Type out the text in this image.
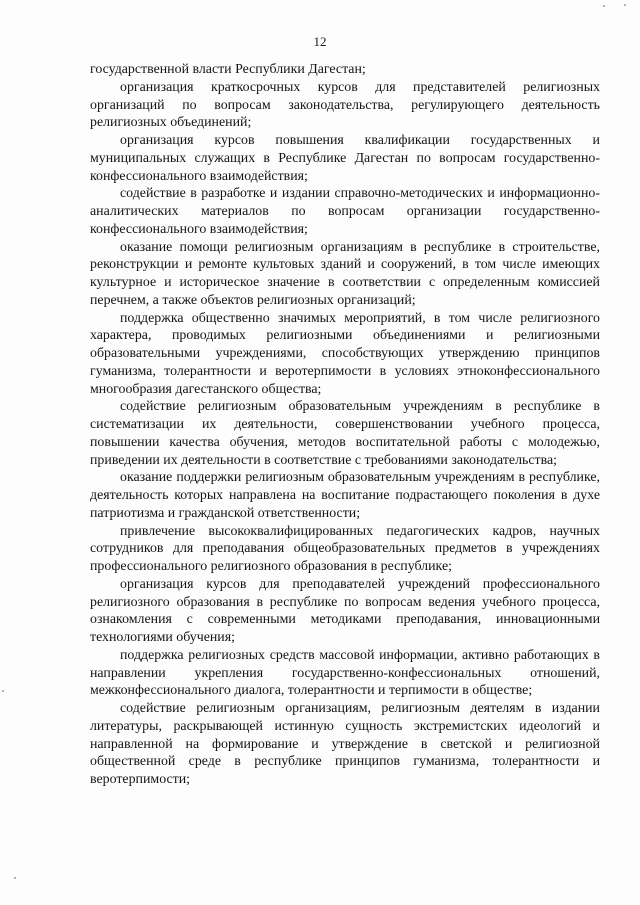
12

государственной власти Республики Дагестан;

организация краткосрочных курсов для представителей религиозных организаций по вопросам законодательства, регулирующего деятельность религиозных объединений;

организация курсов повышения квалификации государственных и муниципальных служащих в Республике Дагестан по вопросам государственно-конфессионального взаимодействия;

содействие в разработке и издании справочно-методических и информационно-аналитических материалов по вопросам организации государственно-конфессионального взаимодействия;

оказание помощи религиозным организациям в республике в строительстве, реконструкции и ремонте культовых зданий и сооружений, в том числе имеющих культурное и историческое значение в соответствии с определенным комиссией перечнем, а также объектов религиозных организаций;

поддержка общественно значимых мероприятий, в том числе религиозного характера, проводимых религиозными объединениями и религиозными образовательными учреждениями, способствующих утверждению принципов гуманизма, толерантности и веротерпимости в условиях этноконфессионального многообразия дагестанского общества;

содействие религиозным образовательным учреждениям в республике в систематизации их деятельности, совершенствовании учебного процесса, повышении качества обучения, методов воспитательной работы с молодежью, приведении их деятельности в соответствие с требованиями законодательства;

оказание поддержки религиозным образовательным учреждениям в республике, деятельность которых направлена на воспитание подрастающего поколения в духе патриотизма и гражданской ответственности;

привлечение высококвалифицированных педагогических кадров, научных сотрудников для преподавания общеобразовательных предметов в учреждениях профессионального религиозного образования в республике;

организация курсов для преподавателей учреждений профессионального религиозного образования в республике по вопросам ведения учебного процесса, ознакомления с современными методиками преподавания, инновационными технологиями обучения;

поддержка религиозных средств массовой информации, активно работающих в направлении укрепления государственно-конфессиональных отношений, межконфессионального диалога, толерантности и терпимости в обществе;

содействие религиозным организациям, религиозным деятелям в издании литературы, раскрывающей истинную сущность экстремистских идеологий и направленной на формирование и утверждение в светской и религиозной общественной среде в республике принципов гуманизма, толерантности и веротерпимости;
